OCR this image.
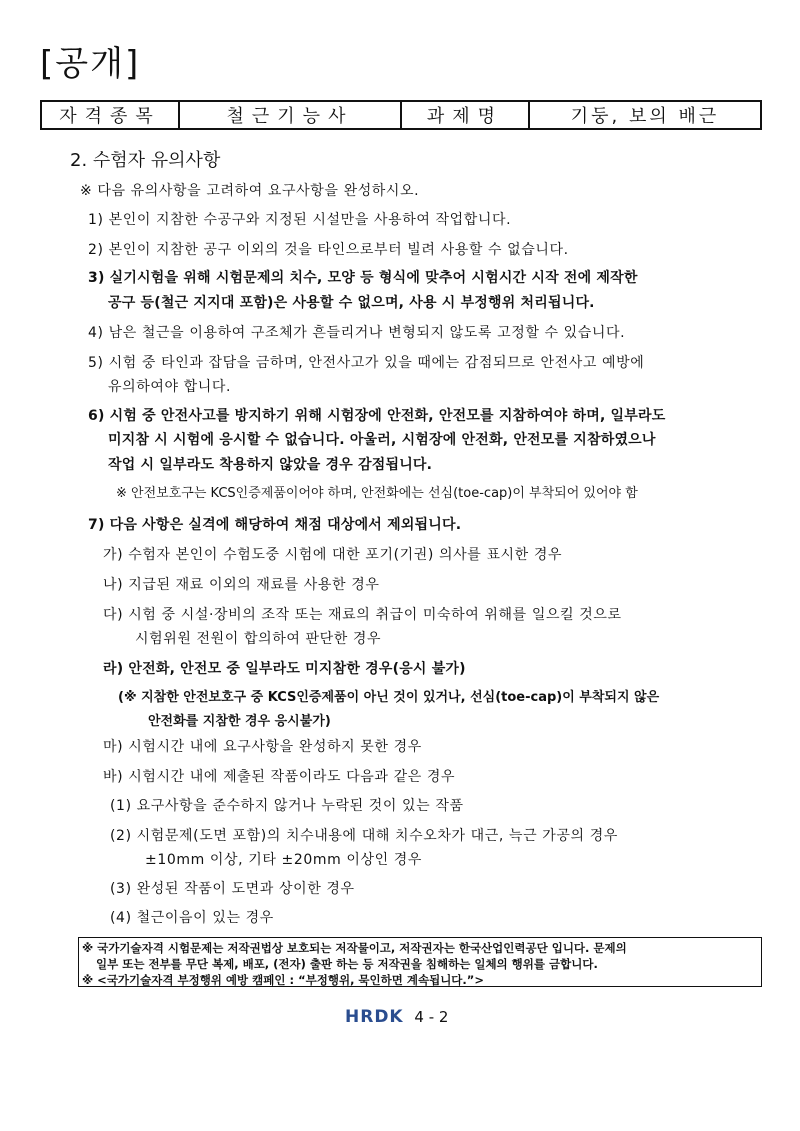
[공개]
자격종목	철근기능사	과제명	기둥, 보의 배근
2. 수험자 유의사항
※ 다음 유의사항을 고려하여 요구사항을 완성하시오.
1) 본인이 지참한 수공구와 지정된 시설만을 사용하여 작업합니다.
2) 본인이 지참한 공구 이외의 것을 타인으로부터 빌려 사용할 수 없습니다.
3) 실기시험을 위해 시험문제의 치수, 모양 등 형식에 맞추어 시험시간 시작 전에 제작한
공구 등(철근 지지대 포함)은 사용할 수 없으며, 사용 시 부정행위 처리됩니다.
4) 남은 철근을 이용하여 구조체가 흔들리거나 변형되지 않도록 고정할 수 있습니다.
5) 시험 중 타인과 잡담을 금하며, 안전사고가 있을 때에는 감점되므로 안전사고 예방에
유의하여야 합니다.
6) 시험 중 안전사고를 방지하기 위해 시험장에 안전화, 안전모를 지참하여야 하며, 일부라도
미지참 시 시험에 응시할 수 없습니다. 아울러, 시험장에 안전화, 안전모를 지참하였으나
작업 시 일부라도 착용하지 않았을 경우 감점됩니다.
※ 안전보호구는 KCS인증제품이어야 하며, 안전화에는 선심(toe-cap)이 부착되어 있어야 함
7) 다음 사항은 실격에 해당하여 채점 대상에서 제외됩니다.
가) 수험자 본인이 수험도중 시험에 대한 포기(기권) 의사를 표시한 경우
나) 지급된 재료 이외의 재료를 사용한 경우
다) 시험 중 시설·장비의 조작 또는 재료의 취급이 미숙하여 위해를 일으킬 것으로
시험위원 전원이 합의하여 판단한 경우
라) 안전화, 안전모 중 일부라도 미지참한 경우(응시 불가)
(※ 지참한 안전보호구 중 KCS인증제품이 아닌 것이 있거나, 선심(toe-cap)이 부착되지 않은
안전화를 지참한 경우 응시불가)
마) 시험시간 내에 요구사항을 완성하지 못한 경우
바) 시험시간 내에 제출된 작품이라도 다음과 같은 경우
(1) 요구사항을 준수하지 않거나 누락된 것이 있는 작품
(2) 시험문제(도면 포함)의 치수내용에 대해 치수오차가 대근, 늑근 가공의 경우
±10mm 이상, 기타 ±20mm 이상인 경우
(3) 완성된 작품이 도면과 상이한 경우
(4) 철근이음이 있는 경우
※ 국가기술자격 시험문제는 저작권법상 보호되는 저작물이고, 저작권자는 한국산업인력공단 입니다. 문제의
일부 또는 전부를 무단 복제, 배포, (전자) 출판 하는 등 저작권을 침해하는 일체의 행위를 금합니다.
※ <국가기술자격 부정행위 예방 캠페인 : “부정행위, 묵인하면 계속됩니다.”>
HRDK 4 - 2
